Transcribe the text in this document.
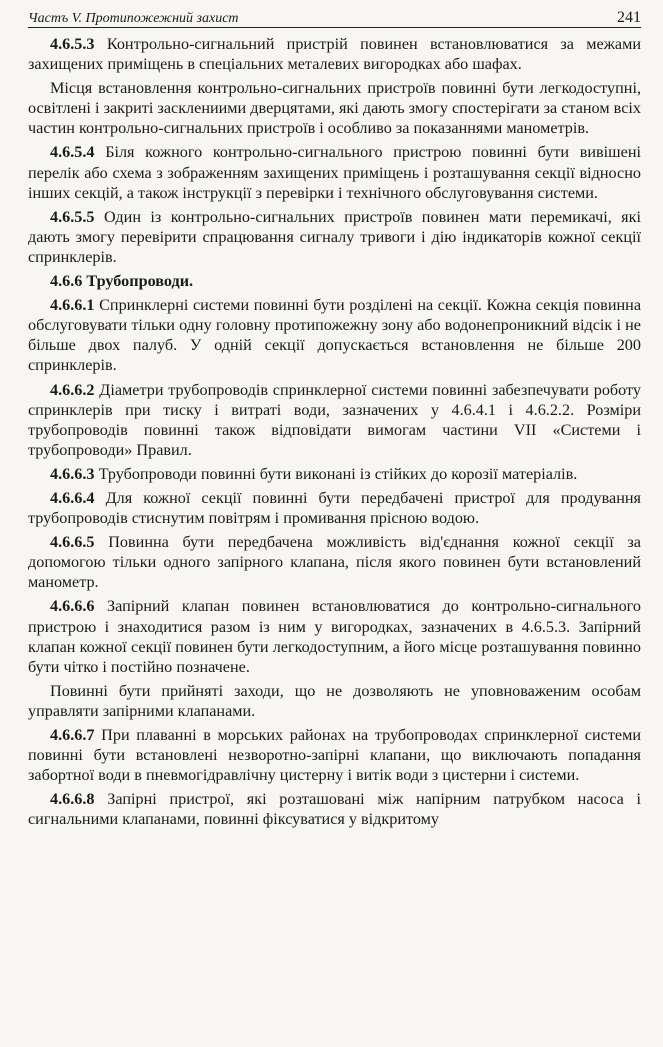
Частъ V. Протипожежний захист	241

4.6.5.3 Контрольно-сигнальний пристрій повинен встановлюватися за межами захищених приміщень в спеціальних металевих вигородках або шафах.

Місця встановлення контрольно-сигнальних пристроїв повинні бути легкодоступні, освітлені і закриті засклениими дверцятами, які дають змогу спостерігати за станом всіх частин контрольно-сигнальних пристроїв і особливо за показаннями манометрів.

4.6.5.4 Біля кожного контрольно-сигнального пристрою повинні бути вивішені перелік або схема з зображенням захищених приміщень і розташування секції відносно інших секцій, а також інструкції з перевірки і технічного обслуговування системи.

4.6.5.5 Один із контрольно-сигнальних пристроїв повинен мати перемикачі, які дають змогу перевірити спрацювання сигналу тривоги і дію індикаторів кожної секції спринклерів.

4.6.6 Трубопроводи.

4.6.6.1 Спринклерні системи повинні бути розділені на секції. Кожна секція повинна обслуговувати тільки одну головну протипожежну зону або водонепроникний відсік і не більше двох палуб. У одній секції допускається встановлення не більше 200 спринклерів.

4.6.6.2 Діаметри трубопроводів спринклерної системи повинні забезпечувати роботу спринклерів при тиску і витраті води, зазначених у 4.6.4.1 і 4.6.2.2. Розміри трубопроводів повинні також відповідати вимогам частини VII «Системи і трубопроводи» Правил.

4.6.6.3 Трубопроводи повинні бути виконані із стійких до корозії матеріалів.

4.6.6.4 Для кожної секції повинні бути передбачені пристрої для продування трубопроводів стиснутим повітрям і промивання прісною водою.

4.6.6.5 Повинна бути передбачена можливість від'єднання кожної секції за допомогою тільки одного запірного клапана, після якого повинен бути встановлений манометр.

4.6.6.6 Запірний клапан повинен встановлюватися до контрольно-сигнального пристрою і знаходитися разом із ним у вигородках, зазначених в 4.6.5.3. Запірний клапан кожної секції повинен бути легкодоступним, а його місце розташування повинно бути чітко і постійно позначене.

Повинні бути прийняті заходи, що не дозволяють не уповноваженим особам управляти запірними клапанами.

4.6.6.7 При плаванні в морських районах на трубопроводах спринклерної системи повинні бути встановлені незворотно-запірні клапани, що виключають попадання забортної води в пневмогідравлічну цистерну і витік води з цистерни і системи.

4.6.6.8 Запірні пристрої, які розташовані між напірним патрубком насоса і сигнальними клапанами, повинні фіксуватися у відкритому
